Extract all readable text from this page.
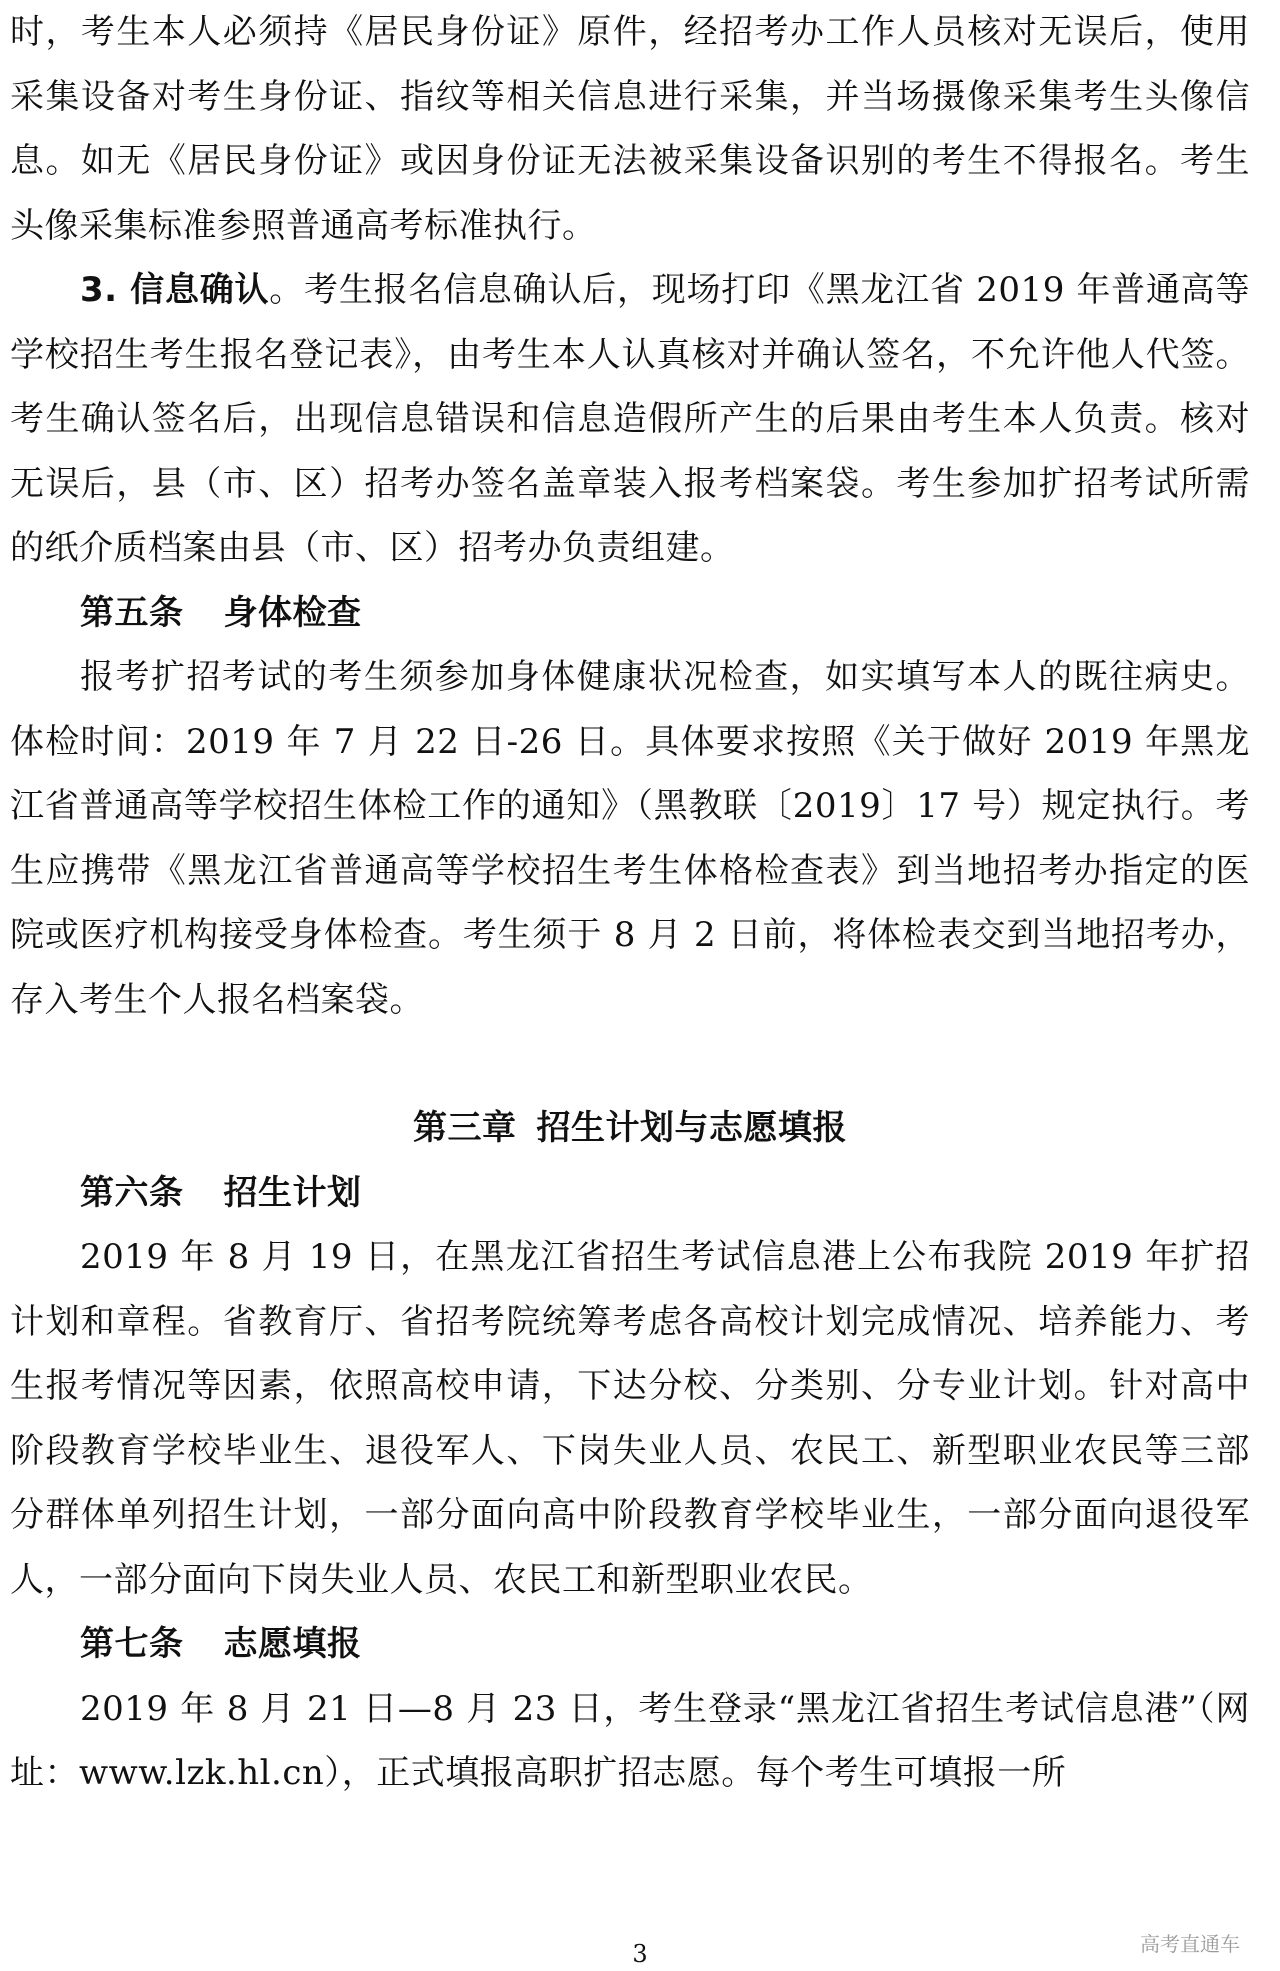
时，考生本人必须持《居民身份证》原件，经招考办工作人员核对无误后，使用采集设备对考生身份证、指纹等相关信息进行采集，并当场摄像采集考生头像信息。如无《居民身份证》或因身份证无法被采集设备识别的考生不得报名。考生头像采集标准参照普通高考标准执行。

3. 信息确认。考生报名信息确认后，现场打印《黑龙江省 2019 年普通高等学校招生考生报名登记表》，由考生本人认真核对并确认签名，不允许他人代签。考生确认签名后，出现信息错误和信息造假所产生的后果由考生本人负责。核对无误后，县（市、区）招考办签名盖章装入报考档案袋。考生参加扩招考试所需的纸介质档案由县（市、区）招考办负责组建。

第五条 身体检查

报考扩招考试的考生须参加身体健康状况检查，如实填写本人的既往病史。体检时间：2019 年 7 月 22 日-26 日。具体要求按照《关于做好 2019 年黑龙江省普通高等学校招生体检工作的通知》（黑教联〔2019〕17 号）规定执行。考生应携带《黑龙江省普通高等学校招生考生体格检查表》到当地招考办指定的医院或医疗机构接受身体检查。考生须于 8 月 2 日前，将体检表交到当地招考办，存入考生个人报名档案袋。

第三章 招生计划与志愿填报

第六条 招生计划

2019 年 8 月 19 日，在黑龙江省招生考试信息港上公布我院 2019 年扩招计划和章程。省教育厅、省招考院统筹考虑各高校计划完成情况、培养能力、考生报考情况等因素，依照高校申请，下达分校、分类别、分专业计划。针对高中阶段教育学校毕业生、退役军人、下岗失业人员、农民工、新型职业农民等三部分群体单列招生计划，一部分面向高中阶段教育学校毕业生，一部分面向退役军人，一部分面向下岗失业人员、农民工和新型职业农民。

第七条 志愿填报

2019 年 8 月 21 日—8 月 23 日，考生登录“黑龙江省招生考试信息港”（网址：www.lzk.hl.cn），正式填报高职扩招志愿。每个考生可填报一所

高考直通车
3
